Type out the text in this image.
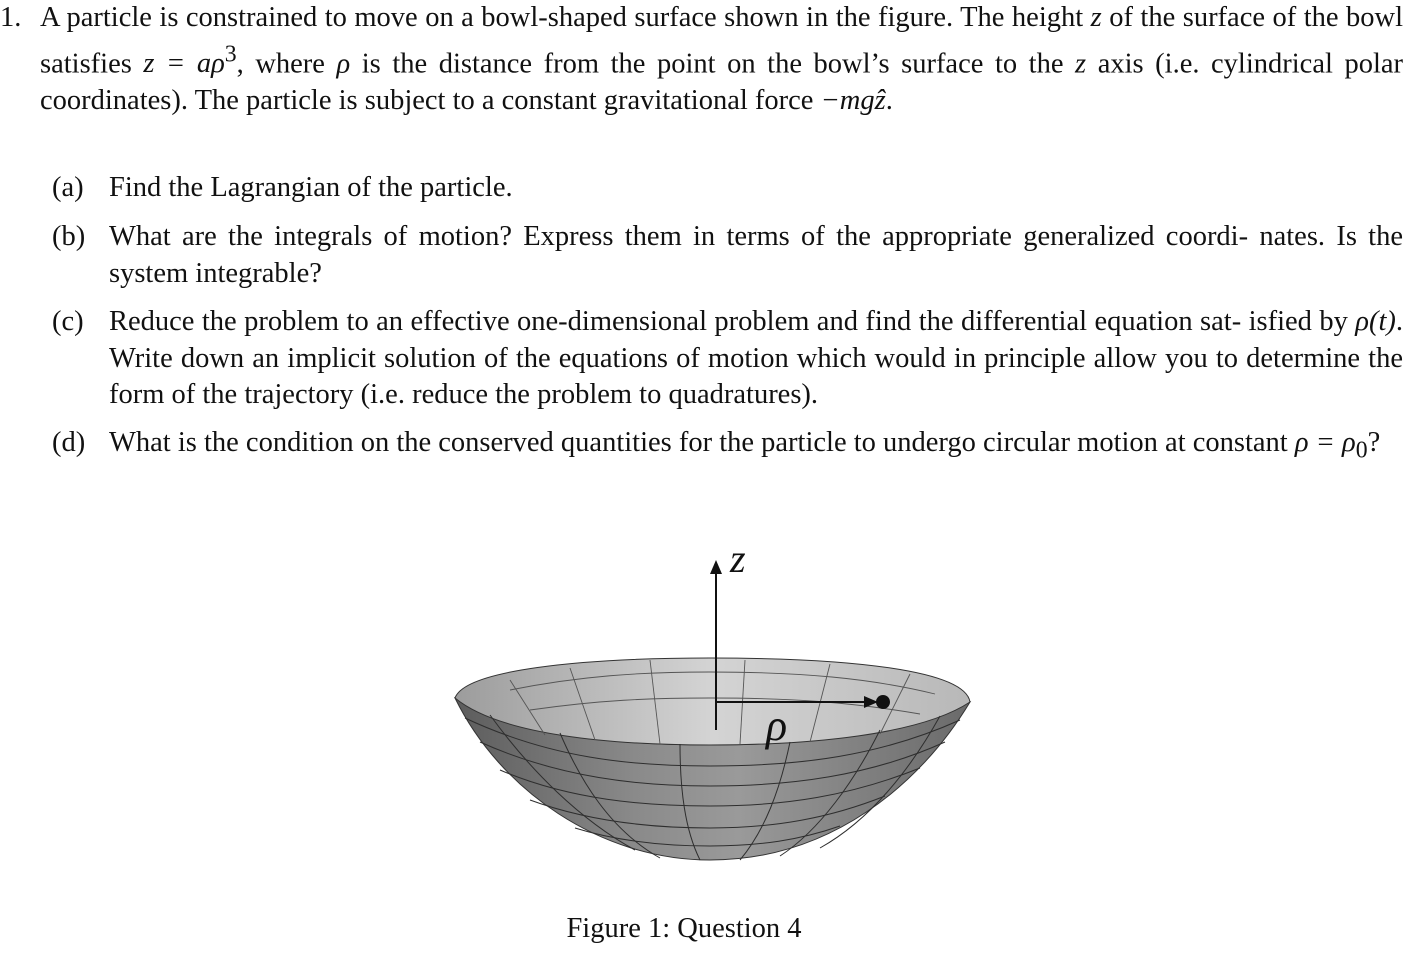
1. A particle is constrained to move on a bowl-shaped surface shown in the figure. The height z of the surface of the bowl satisfies $z = a\rho^3$, where ρ is the distance from the point on the bowl’s surface to the z axis (i.e. cylindrical polar coordinates). The particle is subject to a constant gravitational force −mgẑ.
(a) Find the Lagrangian of the particle.
(b) What are the integrals of motion? Express them in terms of the appropriate generalized coordi- nates. Is the system integrable?
(c) Reduce the problem to an effective one-dimensional problem and find the differential equation sat- isfied by ρ(t). Write down an implicit solution of the equations of motion which would in principle allow you to determine the form of the trajectory (i.e. reduce the problem to quadratures).
(d) What is the condition on the conserved quantities for the particle to undergo circular motion at constant $\rho = \rho_0$?
z
ρ
Figure 1: Question 4
